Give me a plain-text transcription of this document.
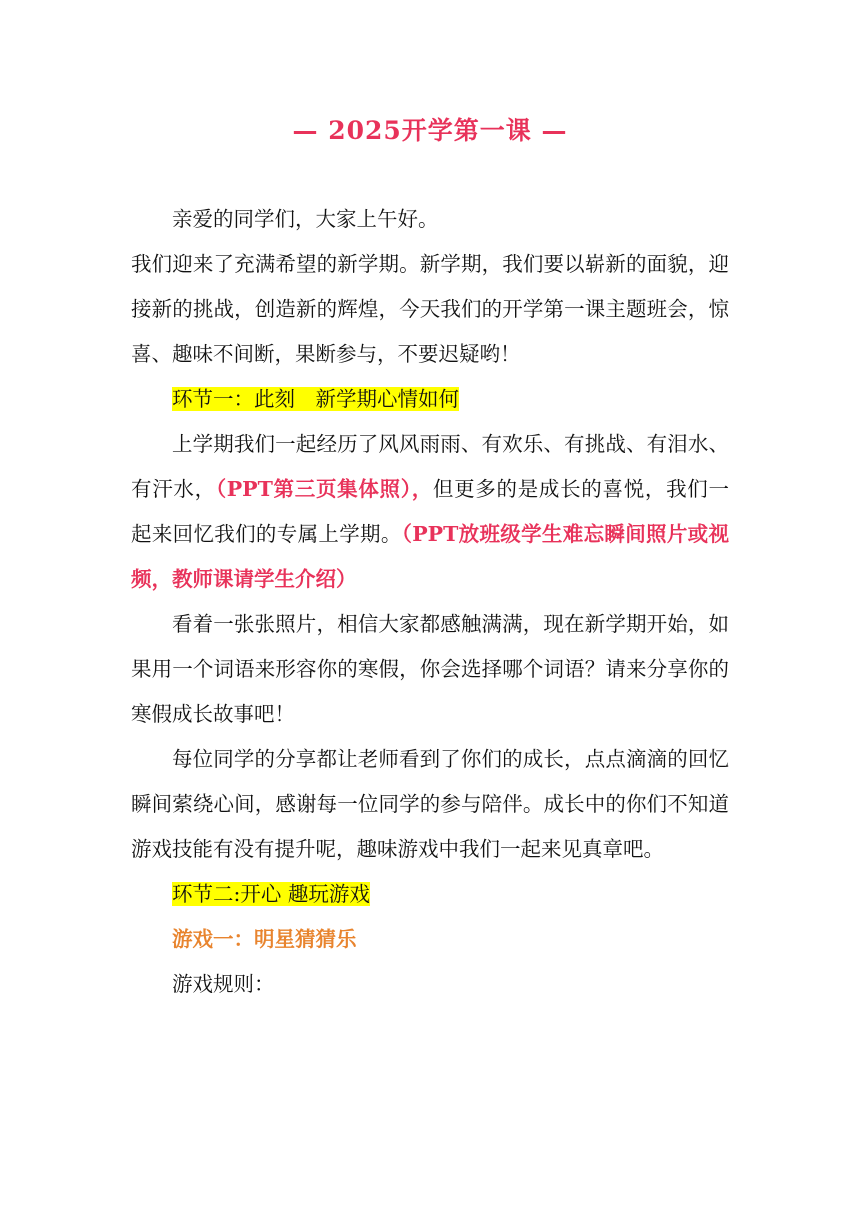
— 2025开学第一课 —

亲爱的同学们，大家上午好。

我们迎来了充满希望的新学期。新学期，我们要以崭新的面貌，迎接新的挑战，创造新的辉煌，今天我们的开学第一课主题班会，惊喜、趣味不间断，果断参与，不要迟疑哟！

环节一：此刻　新学期心情如何

上学期我们一起经历了风风雨雨、有欢乐、有挑战、有泪水、有汗水，（PPT第三页集体照），但更多的是成长的喜悦，我们一起来回忆我们的专属上学期。（PPT放班级学生难忘瞬间照片或视频，教师课请学生介绍）

看着一张张照片，相信大家都感触满满，现在新学期开始，如果用一个词语来形容你的寒假，你会选择哪个词语？请来分享你的寒假成长故事吧！

每位同学的分享都让老师看到了你们的成长，点点滴滴的回忆瞬间萦绕心间，感谢每一位同学的参与陪伴。成长中的你们不知道游戏技能有没有提升呢，趣味游戏中我们一起来见真章吧。

环节二:开心 趣玩游戏

游戏一：明星猜猜乐

游戏规则：
